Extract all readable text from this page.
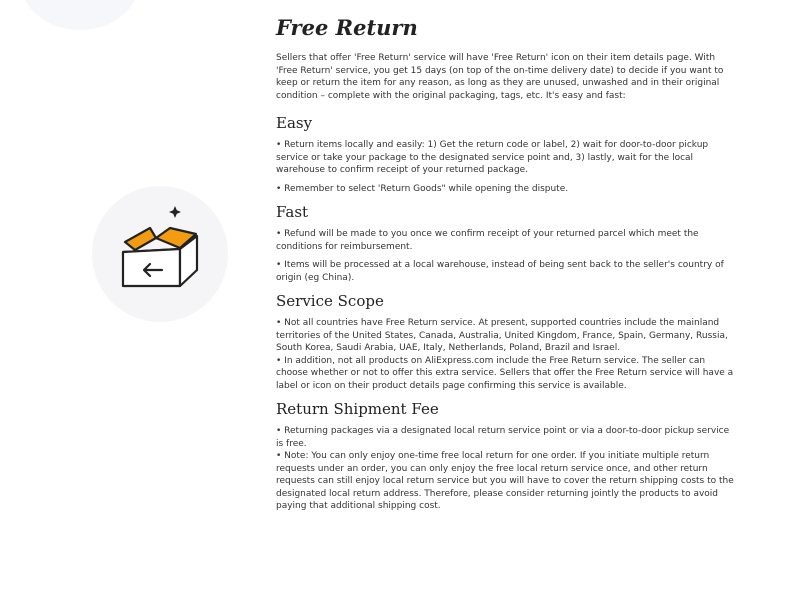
Free Return

Sellers that offer 'Free Return' service will have 'Free Return' icon on their item details page. With 'Free Return' service, you get 15 days (on top of the on-time delivery date) to decide if you want to keep or return the item for any reason, as long as they are unused, unwashed and in their original condition – complete with the original packaging, tags, etc. It's easy and fast:

Easy

• Return items locally and easily: 1) Get the return code or label, 2) wait for door-to-door pickup service or take your package to the designated service point and, 3) lastly, wait for the local warehouse to confirm receipt of your returned package.

• Remember to select 'Return Goods" while opening the dispute.

Fast

• Refund will be made to you once we confirm receipt of your returned parcel which meet the conditions for reimbursement.

• Items will be processed at a local warehouse, instead of being sent back to the seller's country of origin (eg China).

Service Scope

• Not all countries have Free Return service. At present, supported countries include the mainland territories of the United States, Canada, Australia, United Kingdom, France, Spain, Germany, Russia, South Korea, Saudi Arabia, UAE, Italy, Netherlands, Poland, Brazil and Israel.

• In addition, not all products on AliExpress.com include the Free Return service. The seller can choose whether or not to offer this extra service. Sellers that offer the Free Return service will have a label or icon on their product details page confirming this service is available.

Return Shipment Fee

• Returning packages via a designated local return service point or via a door-to-door pickup service is free.

• Note: You can only enjoy one-time free local return for one order. If you initiate multiple return requests under an order, you can only enjoy the free local return service once, and other return requests can still enjoy local return service but you will have to cover the return shipping costs to the designated local return address. Therefore, please consider returning jointly the products to avoid paying that additional shipping cost.
